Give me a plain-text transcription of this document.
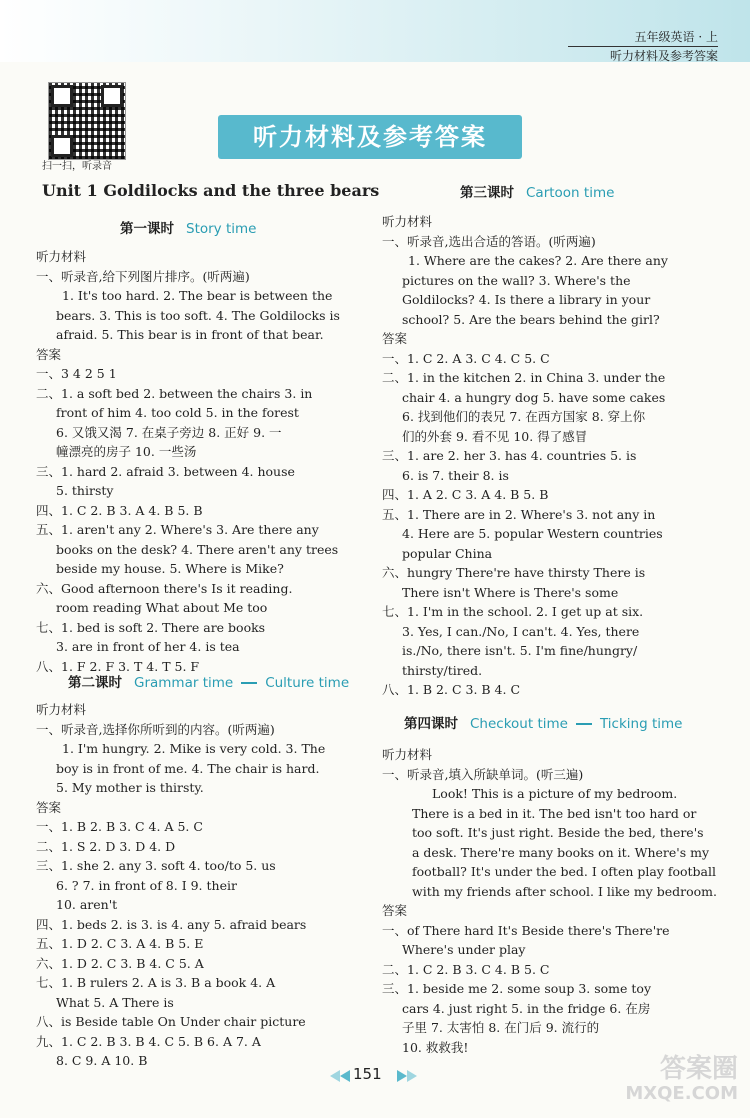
五年级英语 · 上
听力材料及参考答案
扫一扫，听录音
听力材料及参考答案
Unit 1 Goldilocks and the three bears
第一课时 Story time

听力材料

一、听录音,给下列图片排序。(听两遍)

1. It's too hard. 2. The bear is between the

bears. 3. This is too soft. 4. The Goldilocks is

afraid. 5. This bear is in front of that bear.

答案

一、3 4 2 5 1

二、1. a soft bed 2. between the chairs 3. in

front of him 4. too cold 5. in the forest

6. 又饿又渴 7. 在桌子旁边 8. 正好 9. 一

幢漂亮的房子 10. 一些汤

三、1. hard 2. afraid 3. between 4. house

5. thirsty

四、1. C 2. B 3. A 4. B 5. B

五、1. aren't any 2. Where's 3. Are there any

books on the desk? 4. There aren't any trees

beside my house. 5. Where is Mike?

六、Good afternoon there's Is it reading.

room reading What about Me too

七、1. bed is soft 2. There are books

3. are in front of her 4. is tea

八、1. F 2. F 3. T 4. T 5. F

第二课时 Grammar time Culture time

听力材料

一、听录音,选择你所听到的内容。(听两遍)

1. I'm hungry. 2. Mike is very cold. 3. The

boy is in front of me. 4. The chair is hard.

5. My mother is thirsty.

答案

一、1. B 2. B 3. C 4. A 5. C

二、1. S 2. D 3. D 4. D

三、1. she 2. any 3. soft 4. too/to 5. us

6. ? 7. in front of 8. I 9. their

10. aren't

四、1. beds 2. is 3. is 4. any 5. afraid bears

五、1. D 2. C 3. A 4. B 5. E

六、1. D 2. C 3. B 4. C 5. A

七、1. B rulers 2. A is 3. B a book 4. A

What 5. A There is

八、is Beside table On Under chair picture

九、1. C 2. B 3. B 4. C 5. B 6. A 7. A

8. C 9. A 10. B

第三课时 Cartoon time

听力材料

一、听录音,选出合适的答语。(听两遍)

1. Where are the cakes? 2. Are there any

pictures on the wall? 3. Where's the

Goldilocks? 4. Is there a library in your

school? 5. Are the bears behind the girl?

答案

一、1. C 2. A 3. C 4. C 5. C

二、1. in the kitchen 2. in China 3. under the

chair 4. a hungry dog 5. have some cakes

6. 找到他们的表兄 7. 在西方国家 8. 穿上你

们的外套 9. 看不见 10. 得了感冒

三、1. are 2. her 3. has 4. countries 5. is

6. is 7. their 8. is

四、1. A 2. C 3. A 4. B 5. B

五、1. There are in 2. Where's 3. not any in

4. Here are 5. popular Western countries

popular China

六、hungry There're have thirsty There is

There isn't Where is There's some

七、1. I'm in the school. 2. I get up at six.

3. Yes, I can./No, I can't. 4. Yes, there

is./No, there isn't. 5. I'm fine/hungry/

thirsty/tired.

八、1. B 2. C 3. B 4. C

第四课时 Checkout time Ticking time

听力材料

一、听录音,填入所缺单词。(听三遍)

Look! This is a picture of my bedroom.

There is a bed in it. The bed isn't too hard or

too soft. It's just right. Beside the bed, there's

a desk. There're many books on it. Where's my

football? It's under the bed. I often play football

with my friends after school. I like my bedroom.

答案

一、of There hard It's Beside there's There're

Where's under play

二、1. C 2. B 3. C 4. B 5. C

三、1. beside me 2. some soup 3. some toy

cars 4. just right 5. in the fridge 6. 在房

子里 7. 太害怕 8. 在门后 9. 流行的

10. 救救我!

151	答案圈
MXQE.COM
